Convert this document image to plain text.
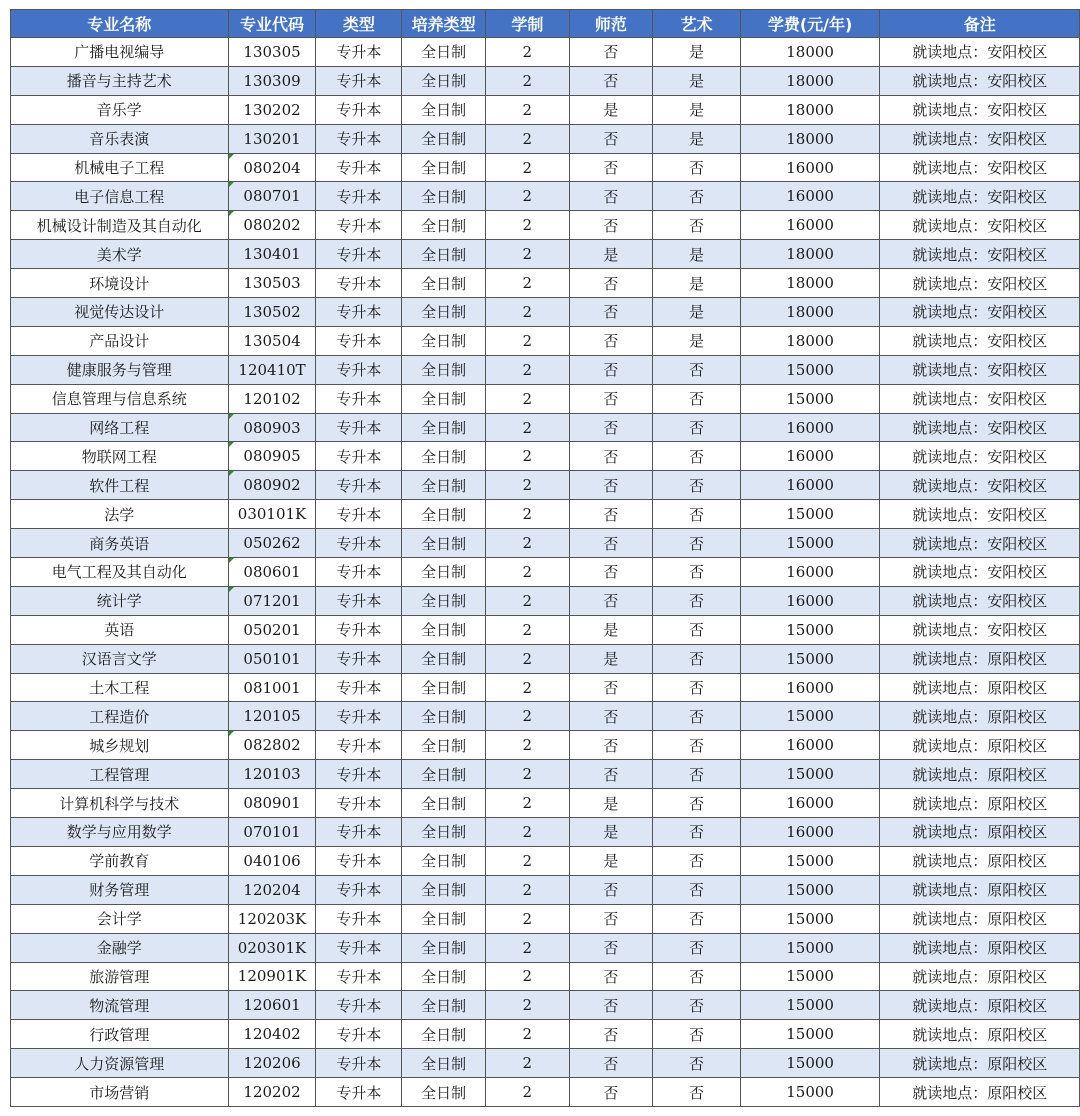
专业名称	专业代码	类型	培养类型	学制	师范	艺术	学费(元/年)	备注
广播电视编导	130305	专升本	全日制	2	否	是	18000	就读地点：安阳校区
播音与主持艺术	130309	专升本	全日制	2	否	是	18000	就读地点：安阳校区
音乐学	130202	专升本	全日制	2	是	是	18000	就读地点：安阳校区
音乐表演	130201	专升本	全日制	2	否	是	18000	就读地点：安阳校区
机械电子工程	080204	专升本	全日制	2	否	否	16000	就读地点：安阳校区
电子信息工程	080701	专升本	全日制	2	否	否	16000	就读地点：安阳校区
机械设计制造及其自动化	080202	专升本	全日制	2	否	否	16000	就读地点：安阳校区
美术学	130401	专升本	全日制	2	是	是	18000	就读地点：安阳校区
环境设计	130503	专升本	全日制	2	否	是	18000	就读地点：安阳校区
视觉传达设计	130502	专升本	全日制	2	否	是	18000	就读地点：安阳校区
产品设计	130504	专升本	全日制	2	否	是	18000	就读地点：安阳校区
健康服务与管理	120410T	专升本	全日制	2	否	否	15000	就读地点：安阳校区
信息管理与信息系统	120102	专升本	全日制	2	否	否	15000	就读地点：安阳校区
网络工程	080903	专升本	全日制	2	否	否	16000	就读地点：安阳校区
物联网工程	080905	专升本	全日制	2	否	否	16000	就读地点：安阳校区
软件工程	080902	专升本	全日制	2	否	否	16000	就读地点：安阳校区
法学	030101K	专升本	全日制	2	否	否	15000	就读地点：安阳校区
商务英语	050262	专升本	全日制	2	否	否	15000	就读地点：安阳校区
电气工程及其自动化	080601	专升本	全日制	2	否	否	16000	就读地点：安阳校区
统计学	071201	专升本	全日制	2	否	否	16000	就读地点：安阳校区
英语	050201	专升本	全日制	2	是	否	15000	就读地点：安阳校区
汉语言文学	050101	专升本	全日制	2	是	否	15000	就读地点：原阳校区
土木工程	081001	专升本	全日制	2	否	否	16000	就读地点：原阳校区
工程造价	120105	专升本	全日制	2	否	否	15000	就读地点：原阳校区
城乡规划	082802	专升本	全日制	2	否	否	16000	就读地点：原阳校区
工程管理	120103	专升本	全日制	2	否	否	15000	就读地点：原阳校区
计算机科学与技术	080901	专升本	全日制	2	是	否	16000	就读地点：原阳校区
数学与应用数学	070101	专升本	全日制	2	是	否	16000	就读地点：原阳校区
学前教育	040106	专升本	全日制	2	是	否	15000	就读地点：原阳校区
财务管理	120204	专升本	全日制	2	否	否	15000	就读地点：原阳校区
会计学	120203K	专升本	全日制	2	否	否	15000	就读地点：原阳校区
金融学	020301K	专升本	全日制	2	否	否	15000	就读地点：原阳校区
旅游管理	120901K	专升本	全日制	2	否	否	15000	就读地点：原阳校区
物流管理	120601	专升本	全日制	2	否	否	15000	就读地点：原阳校区
行政管理	120402	专升本	全日制	2	否	否	15000	就读地点：原阳校区
人力资源管理	120206	专升本	全日制	2	否	否	15000	就读地点：原阳校区
市场营销	120202	专升本	全日制	2	否	否	15000	就读地点：原阳校区
